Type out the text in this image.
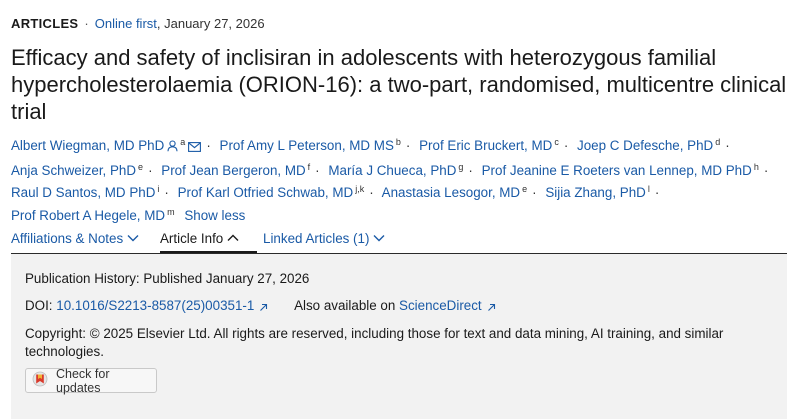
ARTICLES · Online first, January 27, 2026
Efficacy and safety of inclisiran in adolescents with heterozygous familial hypercholesterolaemia (ORION-16): a two-part, randomised, multicentre clinical trial
Albert Wiegman, MD PhD $^a$ · Prof Amy L Peterson, MD MS $^b$ · Prof Eric Bruckert, MD $^c$ · Joep C Defesche, PhD $^d$ · Anja Schweizer, PhD $^e$ · Prof Jean Bergeron, MD $^f$ · María J Chueca, PhD $^g$ · Prof Jeanine E Roeters van Lennep, MD PhD $^h$ · Raul D Santos, MD PhD $^i$ · Prof Karl Otfried Schwab, MD $^{j,k}$ · Anastasia Lesogor, MD $^e$ · Sijia Zhang, PhD $^l$ · Prof Robert A Hegele, MD $^m$ Show less
Affiliations & Notes	Article Info	Linked Articles (1)
Publication History: Published January 27, 2026
DOI: 10.1016/S2213-8587(25)00351-1	Also available on ScienceDirect
Copyright: © 2025 Elsevier Ltd. All rights are reserved, including those for text and data mining, AI training, and similar technologies.
Check for updates
